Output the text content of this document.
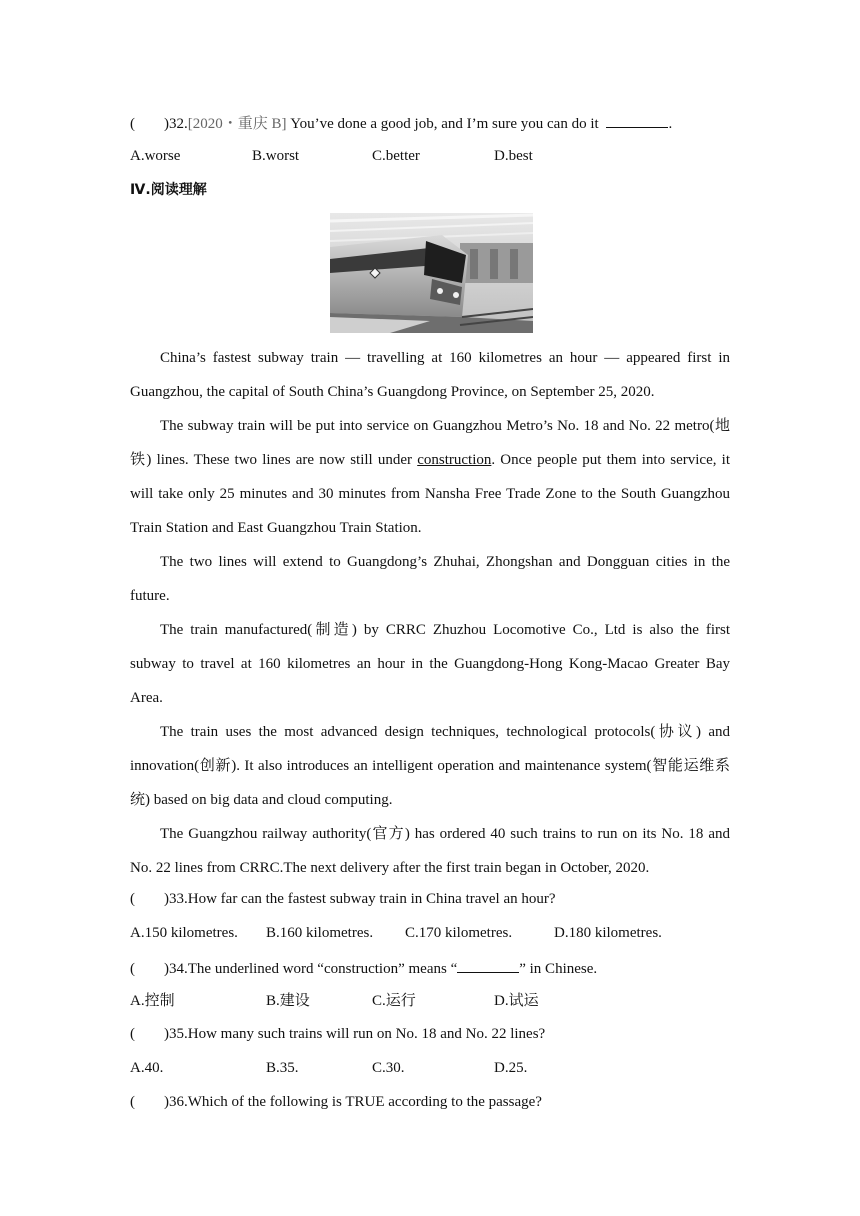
( )32.[2020・重庆 B] You’ve done a good job, and I’m sure you can do it	.
A.worse	B.worst	C.better	D.best
Ⅳ.阅读理解

China’s fastest subway train — travelling at 160 kilometres an hour — appeared first in Guangzhou, the capital of South China’s Guangdong Province, on September 25, 2020.

The subway train will be put into service on Guangzhou Metro’s No. 18 and No. 22 metro(地铁) lines. These two lines are now still under construction. Once people put them into service, it will take only 25 minutes and 30 minutes from Nansha Free Trade Zone to the South Guangzhou Train Station and East Guangzhou Train Station.

The two lines will extend to Guangdong’s Zhuhai, Zhongshan and Dongguan cities in the future.

The train manufactured(制造) by CRRC Zhuzhou Locomotive Co., Ltd is also the first subway to travel at 160 kilometres an hour in the Guangdong-Hong Kong-Macao Greater Bay Area.

The train uses the most advanced design techniques, technological protocols(协议) and innovation(创新). It also introduces an intelligent operation and maintenance system(智能运维系统) based on big data and cloud computing.

The Guangzhou railway authority(官方) has ordered 40 such trains to run on its No. 18 and No. 22 lines from CRRC.The next delivery after the first train began in October, 2020.

( )33.How far can the fastest subway train in China travel an hour?
A.150 kilometres. B.160 kilometres. C.170 kilometres.	D.180 kilometres.
( )34.The underlined word “construction” means “	” in Chinese.
A.控制	B.建设	C.运行	D.试运
( )35.How many such trains will run on No. 18 and No. 22 lines?
A.40.	B.35.	C.30.	D.25.
( )36.Which of the following is TRUE according to the passage?
